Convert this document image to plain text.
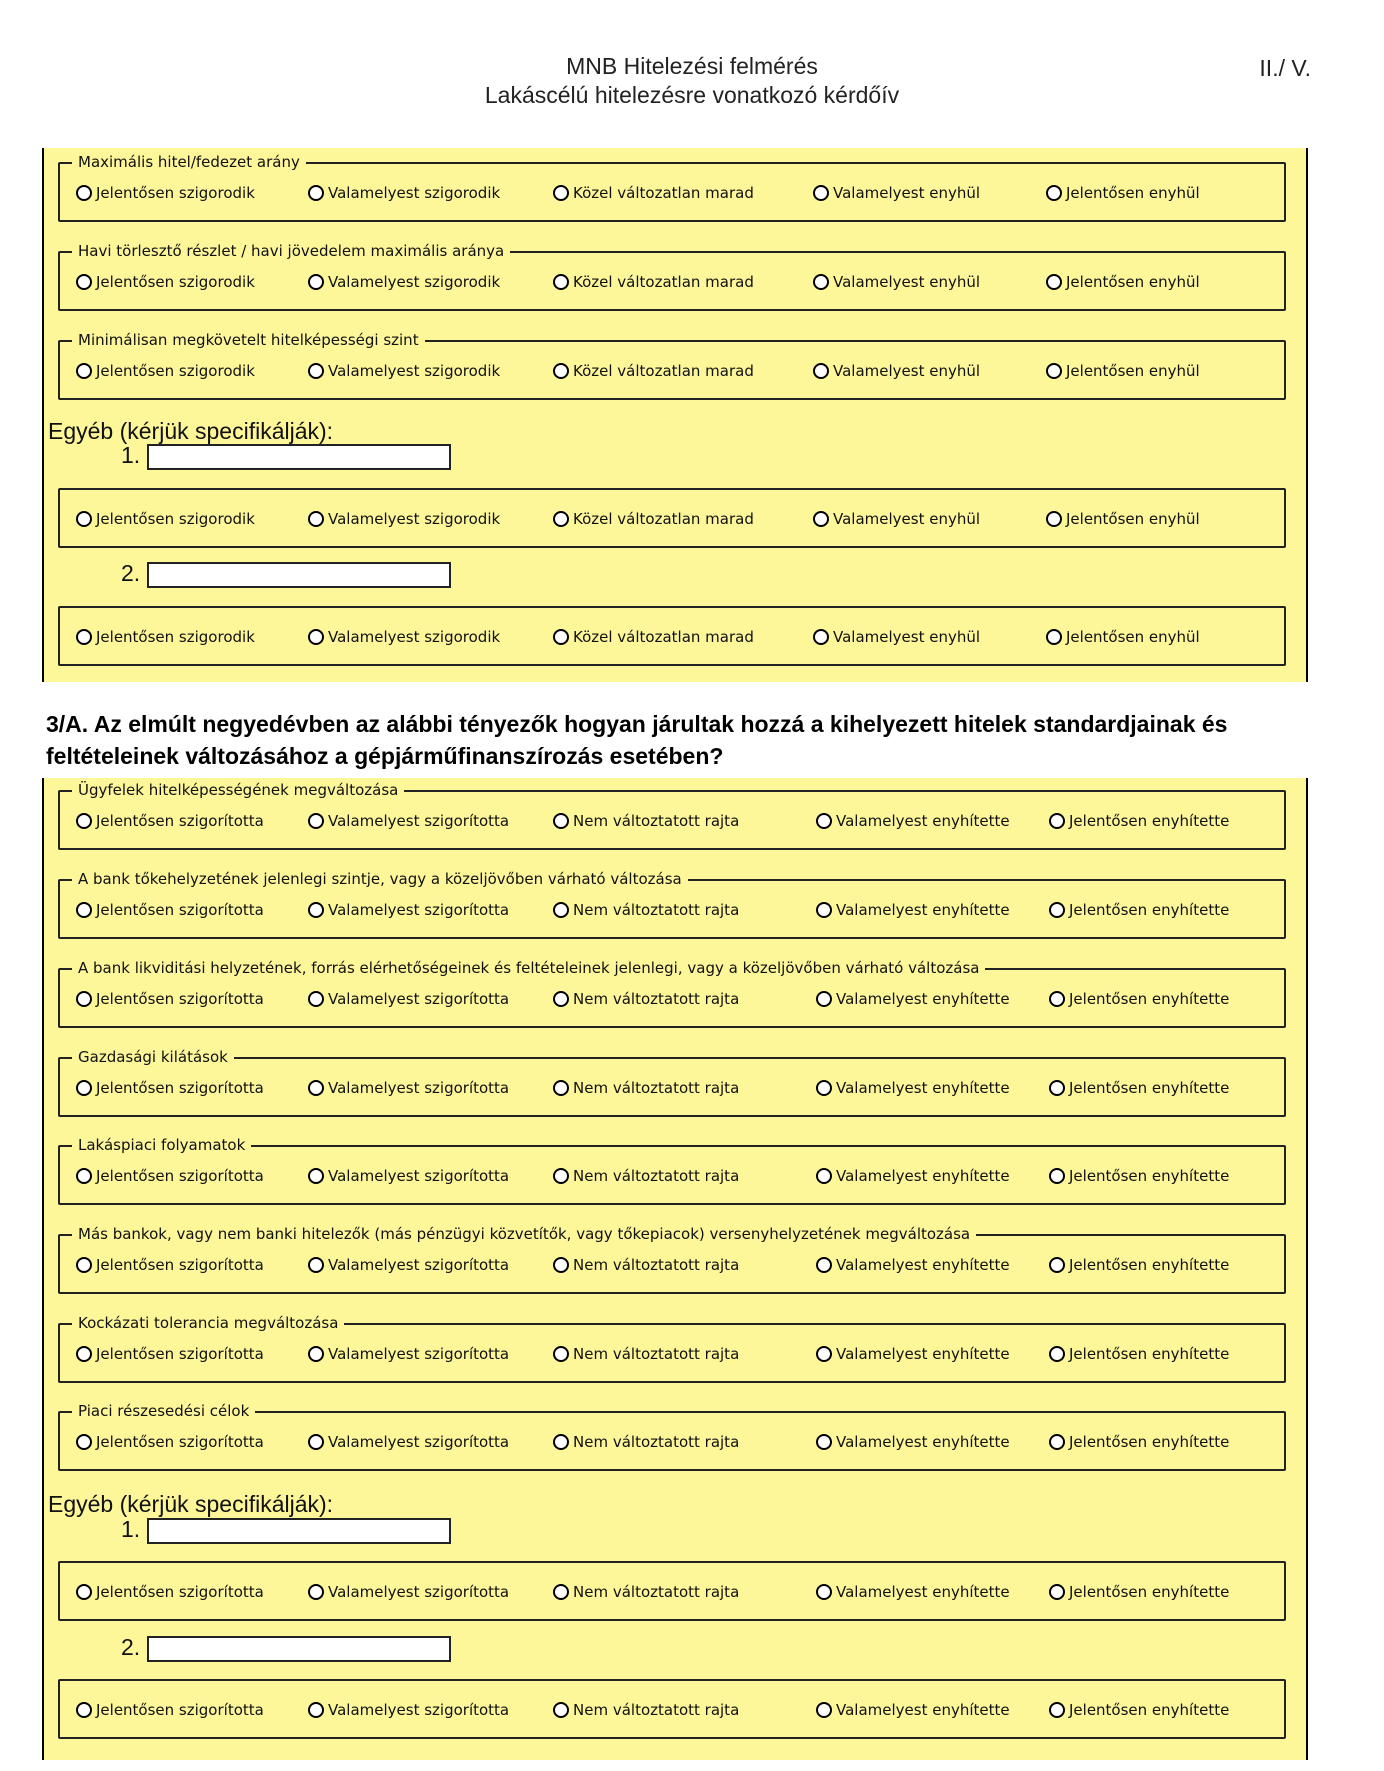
MNB Hitelezési felmérés
Lakáscélú hitelezésre vonatkozó kérdőív
II./ V.
3/A. Az elmúlt negyedévben az alábbi tényezők hogyan járultak hozzá a kihelyezett hitelek standardjainak és feltételeinek változásához a gépjárműfinanszírozás esetében?
Maximális hitel/fedezet arány
Jelentősen szigorodik	Valamelyest szigorodik	Közel változatlan marad	Valamelyest enyhül	Jelentősen enyhül
Havi törlesztő részlet / havi jövedelem maximális aránya
Jelentősen szigorodik	Valamelyest szigorodik	Közel változatlan marad	Valamelyest enyhül	Jelentősen enyhül
Minimálisan megkövetelt hitelképességi szint
Jelentősen szigorodik	Valamelyest szigorodik	Közel változatlan marad	Valamelyest enyhül	Jelentősen enyhül
Egyéb (kérjük specifikálják):
1.
Jelentősen szigorodik	Valamelyest szigorodik	Közel változatlan marad	Valamelyest enyhül	Jelentősen enyhül
2.
Jelentősen szigorodik	Valamelyest szigorodik	Közel változatlan marad	Valamelyest enyhül	Jelentősen enyhül
Ügyfelek hitelképességének megváltozása
Jelentősen szigorította	Valamelyest szigorította	Nem változtatott rajta	Valamelyest enyhítette	Jelentősen enyhítette
A bank tőkehelyzetének jelenlegi szintje, vagy a közeljövőben várható változása
Jelentősen szigorította	Valamelyest szigorította	Nem változtatott rajta	Valamelyest enyhítette	Jelentősen enyhítette
A bank likviditási helyzetének, forrás elérhetőségeinek és feltételeinek jelenlegi, vagy a közeljövőben várható változása
Jelentősen szigorította	Valamelyest szigorította	Nem változtatott rajta	Valamelyest enyhítette	Jelentősen enyhítette
Gazdasági kilátások
Jelentősen szigorította	Valamelyest szigorította	Nem változtatott rajta	Valamelyest enyhítette	Jelentősen enyhítette
Lakáspiaci folyamatok
Jelentősen szigorította	Valamelyest szigorította	Nem változtatott rajta	Valamelyest enyhítette	Jelentősen enyhítette
Más bankok, vagy nem banki hitelezők (más pénzügyi közvetítők, vagy tőkepiacok) versenyhelyzetének megváltozása
Jelentősen szigorította	Valamelyest szigorította	Nem változtatott rajta	Valamelyest enyhítette	Jelentősen enyhítette
Kockázati tolerancia megváltozása
Jelentősen szigorította	Valamelyest szigorította	Nem változtatott rajta	Valamelyest enyhítette	Jelentősen enyhítette
Piaci részesedési célok
Jelentősen szigorította	Valamelyest szigorította	Nem változtatott rajta	Valamelyest enyhítette	Jelentősen enyhítette
Egyéb (kérjük specifikálják):
1.
Jelentősen szigorította	Valamelyest szigorította	Nem változtatott rajta	Valamelyest enyhítette	Jelentősen enyhítette
2.
Jelentősen szigorította	Valamelyest szigorította	Nem változtatott rajta	Valamelyest enyhítette	Jelentősen enyhítette
